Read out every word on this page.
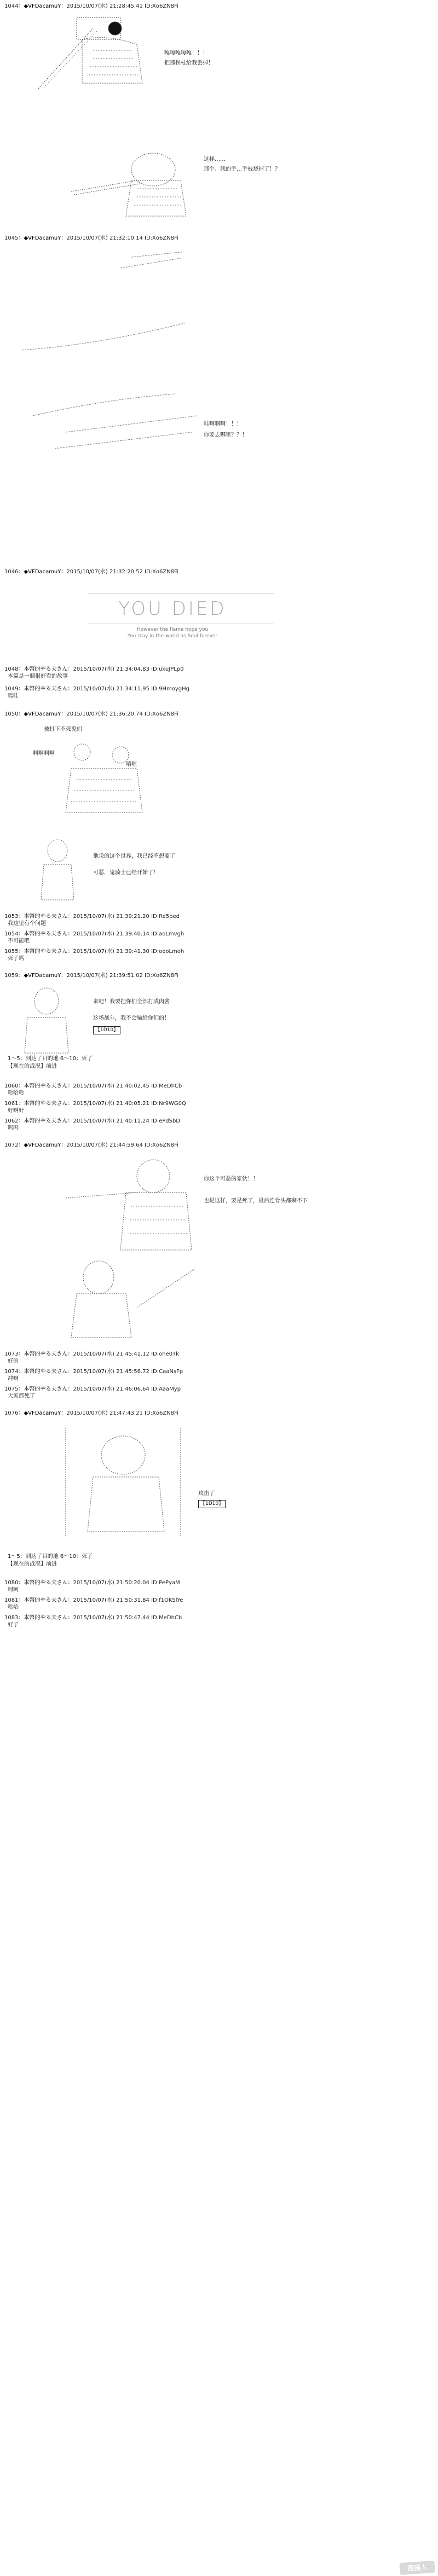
1044：◆VFDacamuY：2015/10/07(水) 21:28:45.41 ID:Xo6ZN8Fi
嘎嘎嘎嘎嘎！！！
把那拐杖给我丢掉！
这样……
那个、我的手…手被烧掉了！？
1045：◆VFDacamuY：2015/10/07(水) 21:32:10.14 ID:Xo6ZN8Fi
哇啊啊啊！！！
你要去哪里？？！
1046：◆VFDacamuY：2015/10/07(水) 21:32:20.52 ID:Xo6ZN8Fi
YOU DIED
However the flame hope you
You stay in the world as Soul forever
1048：本幣的やる夫さん：2015/10/07(水) 21:34:04.83 ID:ukuJPLp0
本篇是一個很好看的故事
1049：本幣的やる夫さん：2015/10/07(水) 21:34:11.95 ID:9HmoygHg
嗚哇
1050：◆VFDacamuY：2015/10/07(水) 21:36:20.74 ID:Xo6ZN8Fi
被打下不死鬼们
啊啊啊啊
唷喔
他说的这个世界，我已经不想要了
可恶，鬼骑士已经开始了！
1053：本幣的やる夫さん：2015/10/07(水) 21:39:21.20 ID:Re5bed
我这里有个问题
1054：本幣的やる夫さん：2015/10/07(水) 21:39:40.14 ID:aoLmvgh
不可能吧
1055：本幣的やる夫さん：2015/10/07(水) 21:39:41.30 ID:oooLmoh
死了吗
1059：◆VFDacamuY：2015/10/07(水) 21:39:51.02 ID:Xo6ZN8Fi
来吧！我要把你们全部打成肉酱
这场战斗，我不会输给你们的！
【1D10】
1～5：到达了目的地 6～10：死了
【现在的战况】前进
1060：本幣的やる夫さん：2015/10/07(水) 21:40:02.45 ID:MeDhCb
哈哈哈
1061：本幣的やる夫さん：2015/10/07(水) 21:40:05.21 ID:Nr9WG0Q
好啊好
1062：本幣的やる夫さん：2015/10/07(水) 21:40:11.24 ID:ePdSbD
呜呜
1072：◆VFDacamuY：2015/10/07(水) 21:44:59.64 ID:Xo6ZN8Fi
你这个可恶的家伙！！
也是这样，要是死了，最后连骨头都剩不下
1073：本幣的やる夫さん：2015/10/07(水) 21:45:41.12 ID:ohe0Tk
好的
1074：本幣的やる夫さん：2015/10/07(水) 21:45:56.72 ID:CaaNsFp
冲啊
1075：本幣的やる夫さん：2015/10/07(水) 21:46:06.64 ID:AaaMyp
大家都死了
1076：◆VFDacamuY：2015/10/07(水) 21:47:43.21 ID:Xo6ZN8Fi
攻击了
【1D10】
1～5：到达了目的地 6～10：死了
【现在的战况】前进
1080：本幣的やる夫さん：2015/10/07(水) 21:50:20.04 ID:PePyaM
呵呵
1081：本幣的やる夫さん：2015/10/07(水) 21:50:31.84 ID:f1OKSlYe
哈哈
1083：本幣的やる夫さん：2015/10/07(水) 21:50:47.44 ID:MeDhCb
好了
漫画人
